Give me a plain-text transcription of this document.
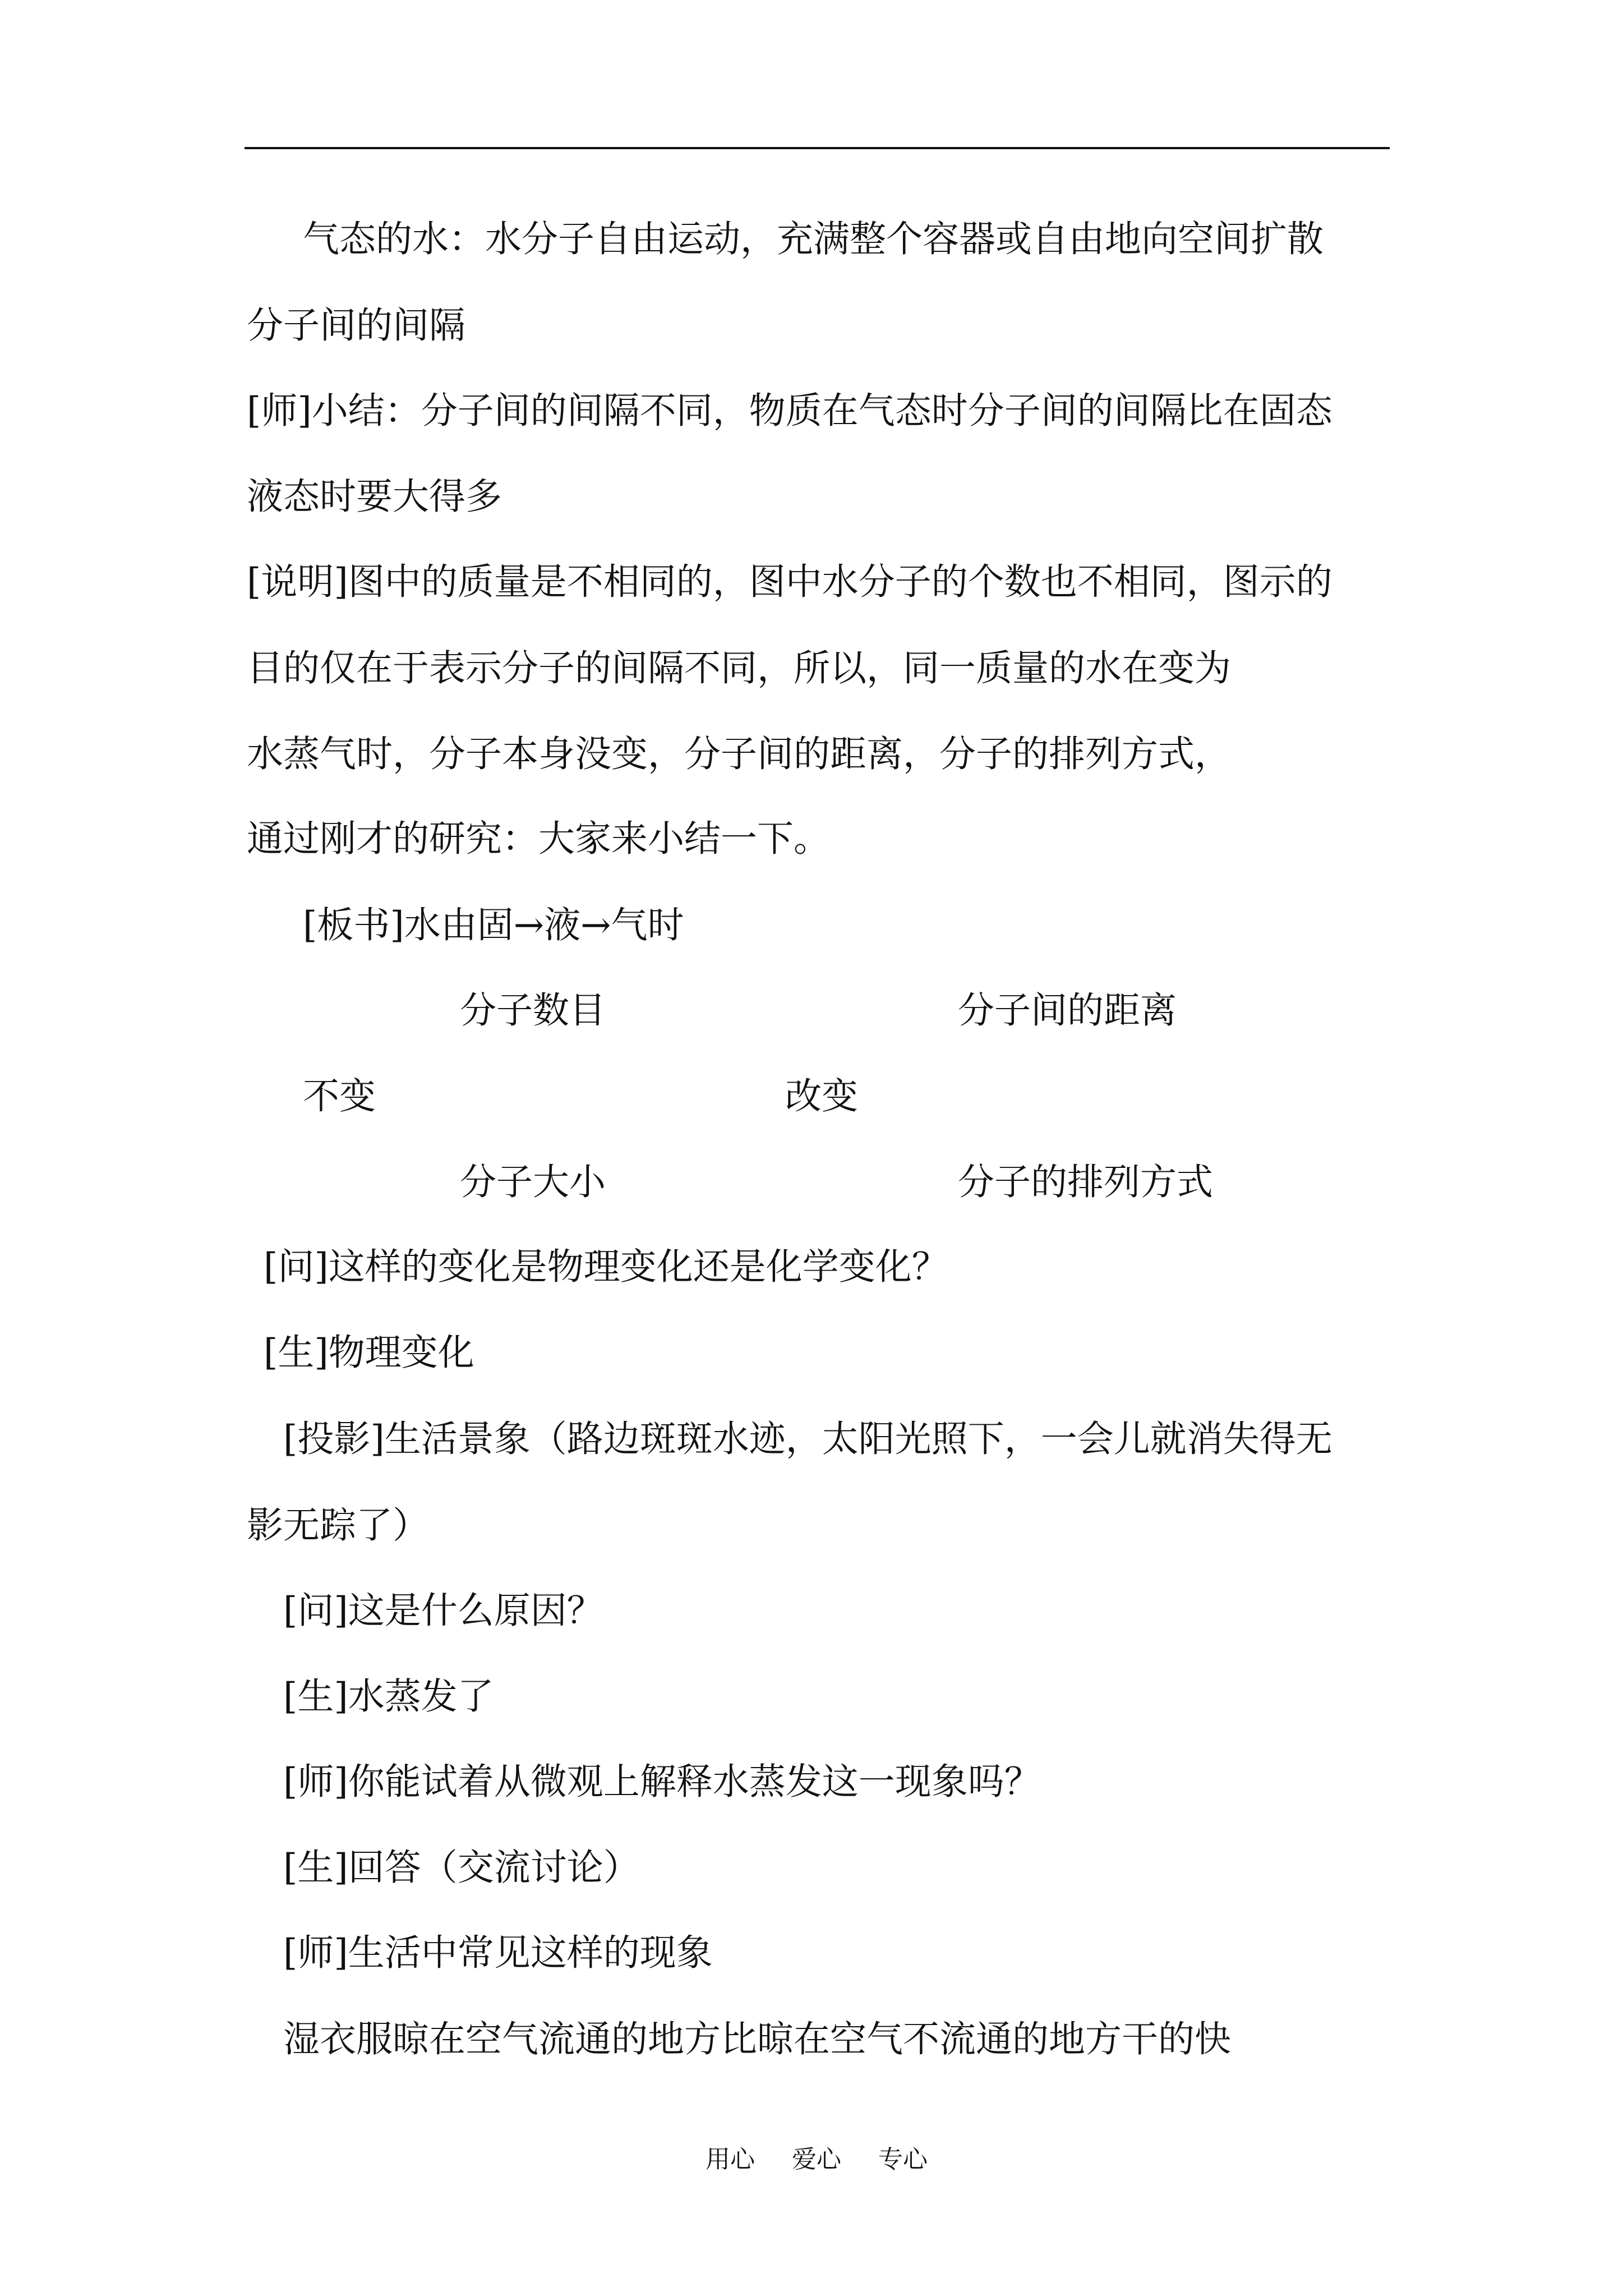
气态的水：水分子自由运动，充满整个容器或自由地向空间扩散
分子间的间隔
[师]小结：分子间的间隔不同，物质在气态时分子间的间隔比在固态
液态时要大得多
[说明]图中的质量是不相同的，图中水分子的个数也不相同，图示的
目的仅在于表示分子的间隔不同，所以，同一质量的水在变为
水蒸气时，分子本身没变，分子间的距离，分子的排列方式，
通过刚才的研究：大家来小结一下。
[板书]水由固→液→气时
分子数目	分子间的距离
不变	改变
分子大小	分子的排列方式
[问]这样的变化是物理变化还是化学变化？
[生]物理变化
[投影]生活景象（路边斑斑水迹，太阳光照下，一会儿就消失得无
影无踪了）
[问]这是什么原因？
[生]水蒸发了
[师]你能试着从微观上解释水蒸发这一现象吗？
[生]回答（交流讨论）
[师]生活中常见这样的现象
湿衣服晾在空气流通的地方比晾在空气不流通的地方干的快
用心 爱心 专心
